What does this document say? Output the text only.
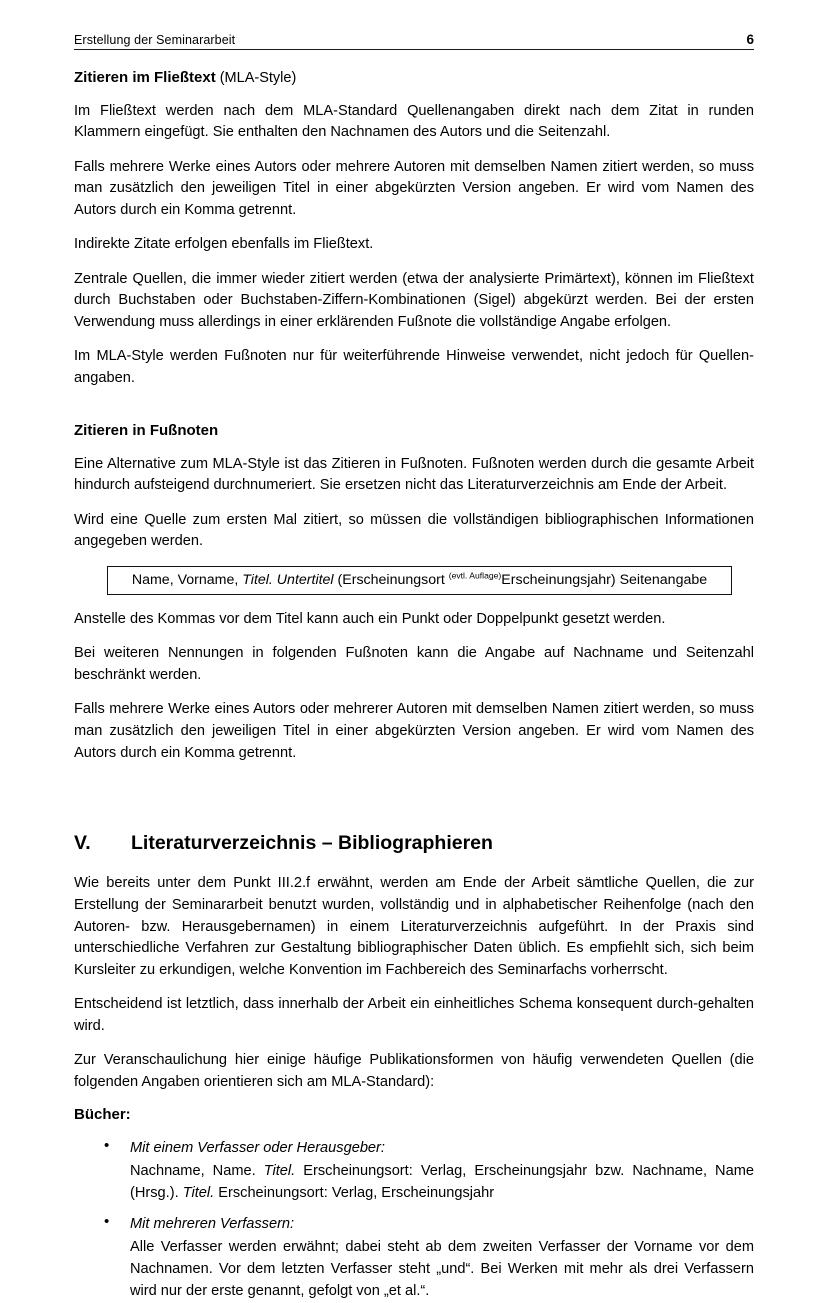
Erstellung der Seminararbeit	6
Zitieren im Fließtext (MLA-Style)

Im Fließtext werden nach dem MLA-Standard Quellenangaben direkt nach dem Zitat in runden Klammern eingefügt. Sie enthalten den Nachnamen des Autors und die Seitenzahl.

Falls mehrere Werke eines Autors oder mehrere Autoren mit demselben Namen zitiert werden, so muss man zusätzlich den jeweiligen Titel in einer abgekürzten Version angeben. Er wird vom Namen des Autors durch ein Komma getrennt.

Indirekte Zitate erfolgen ebenfalls im Fließtext.

Zentrale Quellen, die immer wieder zitiert werden (etwa der analysierte Primärtext), können im Fließtext durch Buchstaben oder Buchstaben-Ziffern-Kombinationen (Sigel) abgekürzt werden. Bei der ersten Verwendung muss allerdings in einer erklärenden Fußnote die vollständige Angabe erfolgen.

Im MLA-Style werden Fußnoten nur für weiterführende Hinweise verwendet, nicht jedoch für Quellen-angaben.

Zitieren in Fußnoten

Eine Alternative zum MLA-Style ist das Zitieren in Fußnoten. Fußnoten werden durch die gesamte Arbeit hindurch aufsteigend durchnumeriert. Sie ersetzen nicht das Literaturverzeichnis am Ende der Arbeit.

Wird eine Quelle zum ersten Mal zitiert, so müssen die vollständigen bibliographischen Informationen angegeben werden.

Name, Vorname, Titel. Untertitel (Erscheinungsort $^{(evtl. Auflage)}$Erscheinungsjahr) Seitenangabe

Anstelle des Kommas vor dem Titel kann auch ein Punkt oder Doppelpunkt gesetzt werden.

Bei weiteren Nennungen in folgenden Fußnoten kann die Angabe auf Nachname und Seitenzahl beschränkt werden.

Falls mehrere Werke eines Autors oder mehrerer Autoren mit demselben Namen zitiert werden, so muss man zusätzlich den jeweiligen Titel in einer abgekürzten Version angeben. Er wird vom Namen des Autors durch ein Komma getrennt.

V.	Literaturverzeichnis – Bibliographieren

Wie bereits unter dem Punkt III.2.f erwähnt, werden am Ende der Arbeit sämtliche Quellen, die zur Erstellung der Seminararbeit benutzt wurden, vollständig und in alphabetischer Reihenfolge (nach den Autoren- bzw. Herausgebernamen) in einem Literaturverzeichnis aufgeführt. In der Praxis sind unterschiedliche Verfahren zur Gestaltung bibliographischer Daten üblich. Es empfiehlt sich, sich beim Kursleiter zu erkundigen, welche Konvention im Fachbereich des Seminarfachs vorherrscht.

Entscheidend ist letztlich, dass innerhalb der Arbeit ein einheitliches Schema konsequent durch-gehalten wird.

Zur Veranschaulichung hier einige häufige Publikationsformen von häufig verwendeten Quellen (die folgenden Angaben orientieren sich am MLA-Standard):

Bücher:

• Mit einem Verfasser oder Herausgeber:

Nachname, Name. Titel. Erscheinungsort: Verlag, Erscheinungsjahr bzw. Nachname, Name (Hrsg.). Titel. Erscheinungsort: Verlag, Erscheinungsjahr

• Mit mehreren Verfassern:

Alle Verfasser werden erwähnt; dabei steht ab dem zweiten Verfasser der Vorname vor dem Nachnamen. Vor dem letzten Verfasser steht „und“. Bei Werken mit mehr als drei Verfassern wird nur der erste genannt, gefolgt von „et al.“.
